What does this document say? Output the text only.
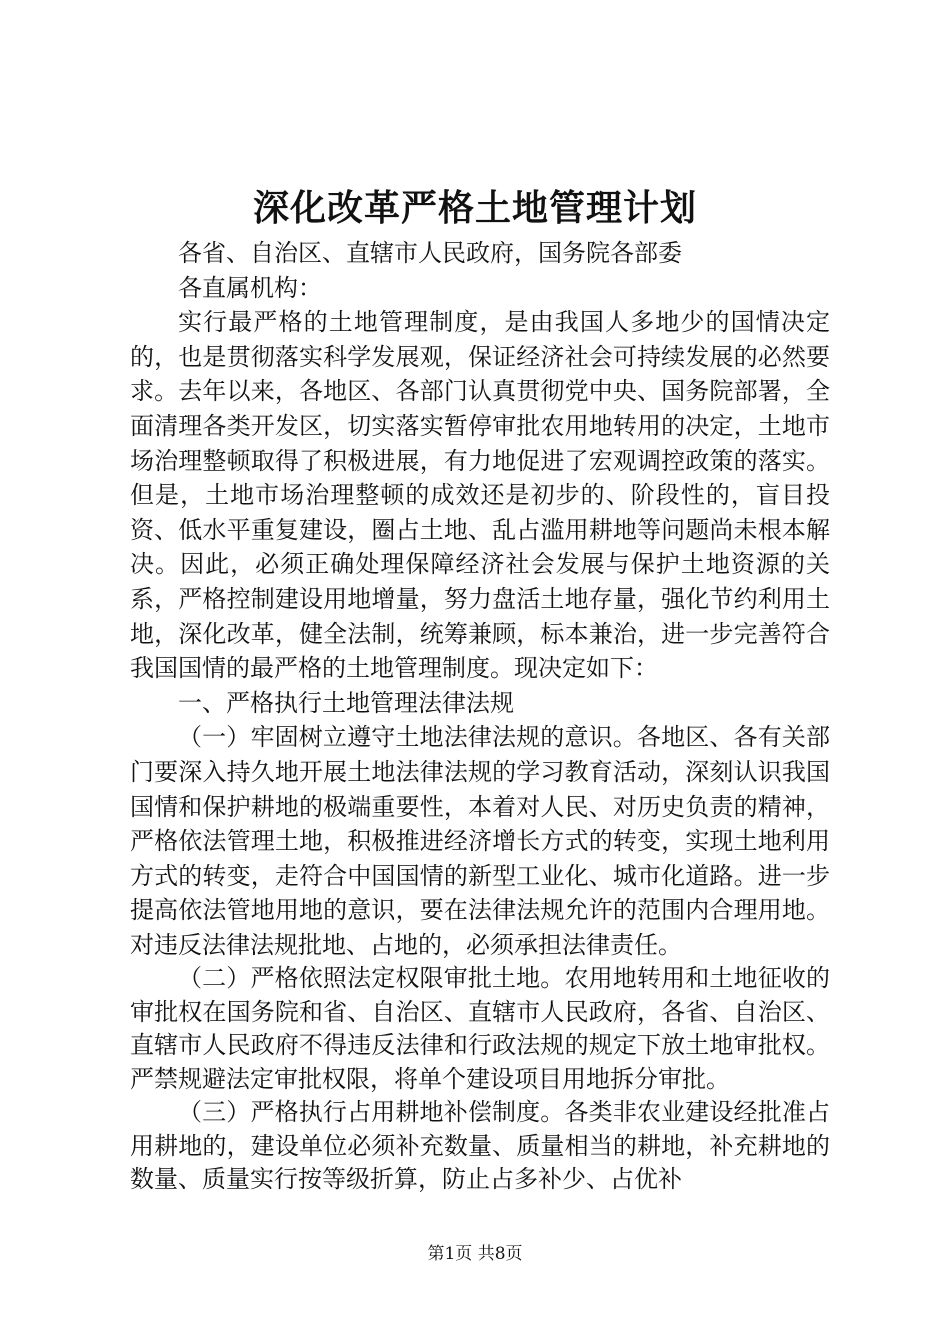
深化改革严格土地管理计划

各省、自治区、直辖市人民政府，国务院各部委

各直属机构：

实行最严格的土地管理制度，是由我国人多地少的国情决定的，也是贯彻落实科学发展观，保证经济社会可持续发展的必然要求。去年以来，各地区、各部门认真贯彻党中央、国务院部署，全面清理各类开发区，切实落实暂停审批农用地转用的决定，土地市场治理整顿取得了积极进展，有力地促进了宏观调控政策的落实。但是，土地市场治理整顿的成效还是初步的、阶段性的，盲目投资、低水平重复建设，圈占土地、乱占滥用耕地等问题尚未根本解决。因此，必须正确处理保障经济社会发展与保护土地资源的关系，严格控制建设用地增量，努力盘活土地存量，强化节约利用土地，深化改革，健全法制，统筹兼顾，标本兼治，进一步完善符合我国国情的最严格的土地管理制度。现决定如下：

一、严格执行土地管理法律法规

（一）牢固树立遵守土地法律法规的意识。各地区、各有关部门要深入持久地开展土地法律法规的学习教育活动，深刻认识我国国情和保护耕地的极端重要性，本着对人民、对历史负责的精神，严格依法管理土地，积极推进经济增长方式的转变，实现土地利用方式的转变，走符合中国国情的新型工业化、城市化道路。进一步提高依法管地用地的意识，要在法律法规允许的范围内合理用地。对违反法律法规批地、占地的，必须承担法律责任。

（二）严格依照法定权限审批土地。农用地转用和土地征收的审批权在国务院和省、自治区、直辖市人民政府，各省、自治区、直辖市人民政府不得违反法律和行政法规的规定下放土地审批权。严禁规避法定审批权限，将单个建设项目用地拆分审批。

（三）严格执行占用耕地补偿制度。各类非农业建设经批准占用耕地的，建设单位必须补充数量、质量相当的耕地，补充耕地的数量、质量实行按等级折算，防止占多补少、占优补

第1页 共8页
